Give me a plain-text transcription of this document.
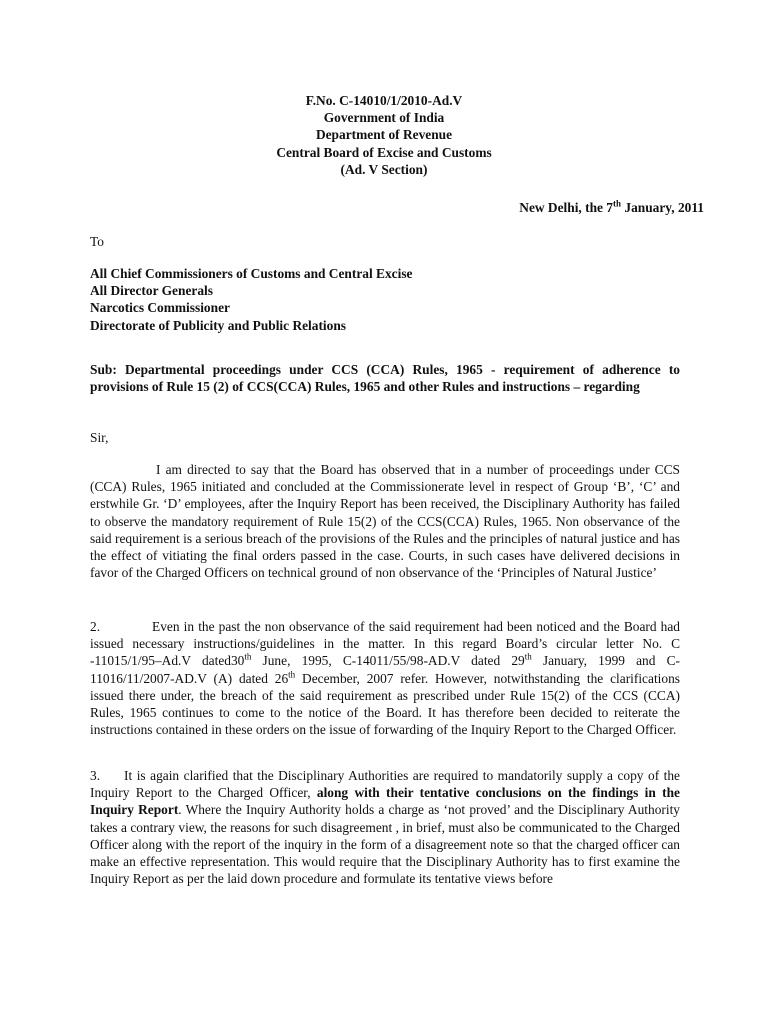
F.No. C-14010/1/2010-Ad.V
Government of India
Department of Revenue
Central Board of Excise and Customs
(Ad. V Section)
New Delhi, the 7th January, 2011
To
All Chief Commissioners of Customs and Central Excise
All Director Generals
Narcotics Commissioner
Directorate of Publicity and Public Relations
Sub: Departmental proceedings under CCS (CCA) Rules, 1965 - requirement of adherence to provisions of Rule 15 (2) of CCS(CCA) Rules, 1965 and other Rules and instructions – regarding
Sir,
I am directed to say that the Board has observed that in a number of proceedings under CCS (CCA) Rules, 1965 initiated and concluded at the Commissionerate level in respect of Group ‘B’, ‘C’ and erstwhile Gr. ‘D’ employees, after the Inquiry Report has been received, the Disciplinary Authority has failed to observe the mandatory requirement of Rule 15(2) of the CCS(CCA) Rules, 1965. Non observance of the said requirement is a serious breach of the provisions of the Rules and the principles of natural justice and has the effect of vitiating the final orders passed in the case. Courts, in such cases have delivered decisions in favor of the Charged Officers on technical ground of non observance of the ‘Principles of Natural Justice’
2.	Even in the past the non observance of the said requirement had been noticed and the Board had issued necessary instructions/guidelines in the matter. In this regard Board’s circular letter No. C -11015/1/95–Ad.V dated30th June, 1995, C-14011/55/98-AD.V dated 29th January, 1999 and C- 11016/11/2007-AD.V (A) dated 26th December, 2007 refer. However, notwithstanding the clarifications issued there under, the breach of the said requirement as prescribed under Rule 15(2) of the CCS (CCA) Rules, 1965 continues to come to the notice of the Board. It has therefore been decided to reiterate the instructions contained in these orders on the issue of forwarding of the Inquiry Report to the Charged Officer.
3. It is again clarified that the Disciplinary Authorities are required to mandatorily supply a copy of the Inquiry Report to the Charged Officer, along with their tentative conclusions on the findings in the Inquiry Report. Where the Inquiry Authority holds a charge as ‘not proved’ and the Disciplinary Authority takes a contrary view, the reasons for such disagreement , in brief, must also be communicated to the Charged Officer along with the report of the inquiry in the form of a disagreement note so that the charged officer can make an effective representation. This would require that the Disciplinary Authority has to first examine the Inquiry Report as per the laid down procedure and formulate its tentative views before
